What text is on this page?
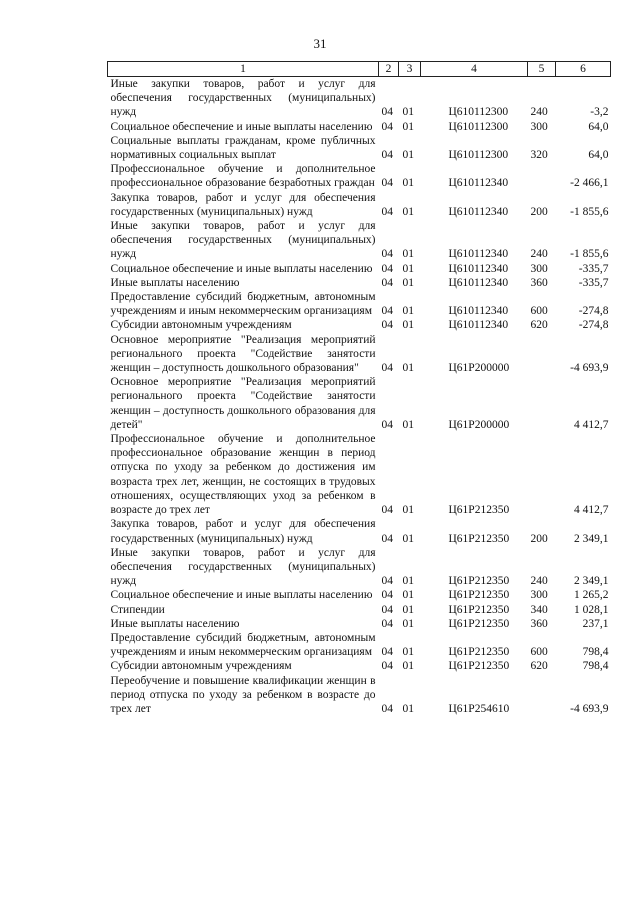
31
1	2	3	4	5	6
Иные закупки товаров, работ и услуг для обеспечения государственных (муниципальных) нужд	04	01	Ц610112300	240	-3,2
Социальное обеспечение и иные выплаты населению	04	01	Ц610112300	300	64,0
Социальные выплаты гражданам, кроме публичных нормативных социальных выплат	04	01	Ц610112300	320	64,0
Профессиональное обучение и дополнительное профессиональное образование безработных граждан	04	01	Ц610112340		-2 466,1
Закупка товаров, работ и услуг для обеспечения государственных (муниципальных) нужд	04	01	Ц610112340	200	-1 855,6
Иные закупки товаров, работ и услуг для обеспечения государственных (муниципальных) нужд	04	01	Ц610112340	240	-1 855,6
Социальное обеспечение и иные выплаты населению	04	01	Ц610112340	300	-335,7
Иные выплаты населению	04	01	Ц610112340	360	-335,7
Предоставление субсидий бюджетным, автономным учреждениям и иным некоммерческим организациям	04	01	Ц610112340	600	-274,8
Субсидии автономным учреждениям	04	01	Ц610112340	620	-274,8
Основное мероприятие "Реализация мероприятий регионального проекта "Содействие занятости женщин – доступность дошкольного образования"	04	01	Ц61Р200000		-4 693,9
Основное мероприятие "Реализация мероприятий регионального проекта "Содействие занятости женщин – доступность дошкольного образования для детей"	04	01	Ц61Р200000		4 412,7
Профессиональное обучение и дополнительное профессиональное образование женщин в период отпуска по уходу за ребенком до достижения им возраста трех лет, женщин, не состоящих в трудовых отношениях, осуществляющих уход за ребенком в возрасте до трех лет	04	01	Ц61Р212350		4 412,7
Закупка товаров, работ и услуг для обеспечения государственных (муниципальных) нужд	04	01	Ц61Р212350	200	2 349,1
Иные закупки товаров, работ и услуг для обеспечения государственных (муниципальных) нужд	04	01	Ц61Р212350	240	2 349,1
Социальное обеспечение и иные выплаты населению	04	01	Ц61Р212350	300	1 265,2
Стипендии	04	01	Ц61Р212350	340	1 028,1
Иные выплаты населению	04	01	Ц61Р212350	360	237,1
Предоставление субсидий бюджетным, автономным учреждениям и иным некоммерческим организациям	04	01	Ц61Р212350	600	798,4
Субсидии автономным учреждениям	04	01	Ц61Р212350	620	798,4
Переобучение и повышение квалификации женщин в период отпуска по уходу за ребенком в возрасте до трех лет	04	01	Ц61Р254610		-4 693,9
